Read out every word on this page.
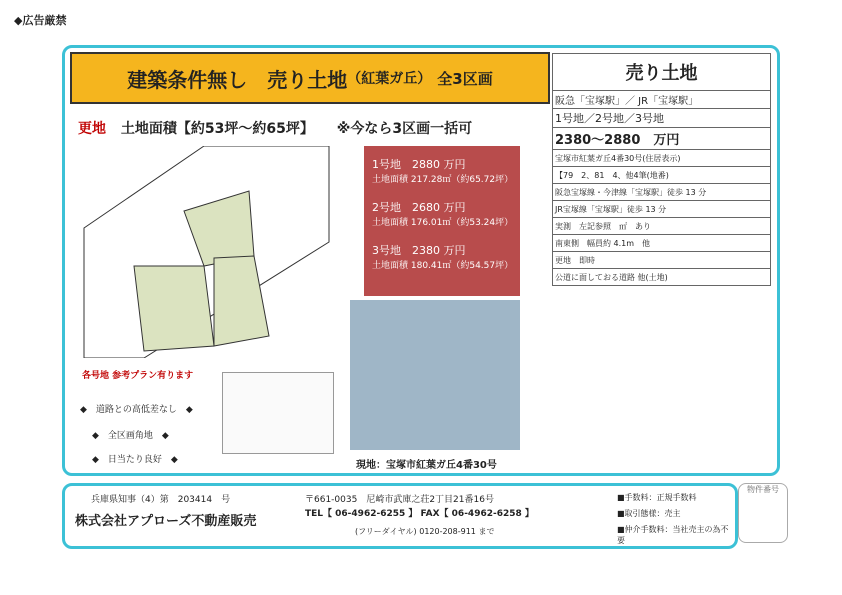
◆広告厳禁
建築条件無し　売り土地 （紅葉ガ丘） 全3区画
更地 土地面積【約53坪～約65坪】 ※今なら3区画一括可
1号地　 2880 万円
土地面積 217.28㎡（約65.72坪）
2号地　 2680 万円
土地面積 176.01㎡（約53.24坪）
3号地　 2380 万円
土地面積 180.41㎡（約54.57坪）
各号地 参考プラン有ります
◆　道路との高低差なし　◆
◆　全区画角地　◆
◆　日当たり良好　◆	現地：宝塚市紅葉ガ丘4番30号
売り土地
阪急「宝塚駅」／ JR「宝塚駅」
1号地／2号地／3号地
2380～2880　万円
宝塚市紅葉ガ丘4番30号(住居表示)
【79　2、81　4、他4筆(地番)
阪急宝塚線・今津線「宝塚駅」徒歩 13 分
JR宝塚線「宝塚駅」徒歩 13 分
実測　左記参照　㎡　 あり
南東側　幅員約 4.1m　他
更地　 即時
公道に面しておる道路 他(土地)
兵庫県知事（4）第　203414　号	〒661-0035　尼崎市武庫之荘2丁目21番16号
TEL【 06-4962-6255 】 FAX【 06-4962-6258 】
株式会社アプローズ不動産販売
(フリーダイヤル) 0120-208-911 まで
■手数料：正規手数料
■取引態様：売主
■仲介手数料：当社売主の為不要
物件番号
